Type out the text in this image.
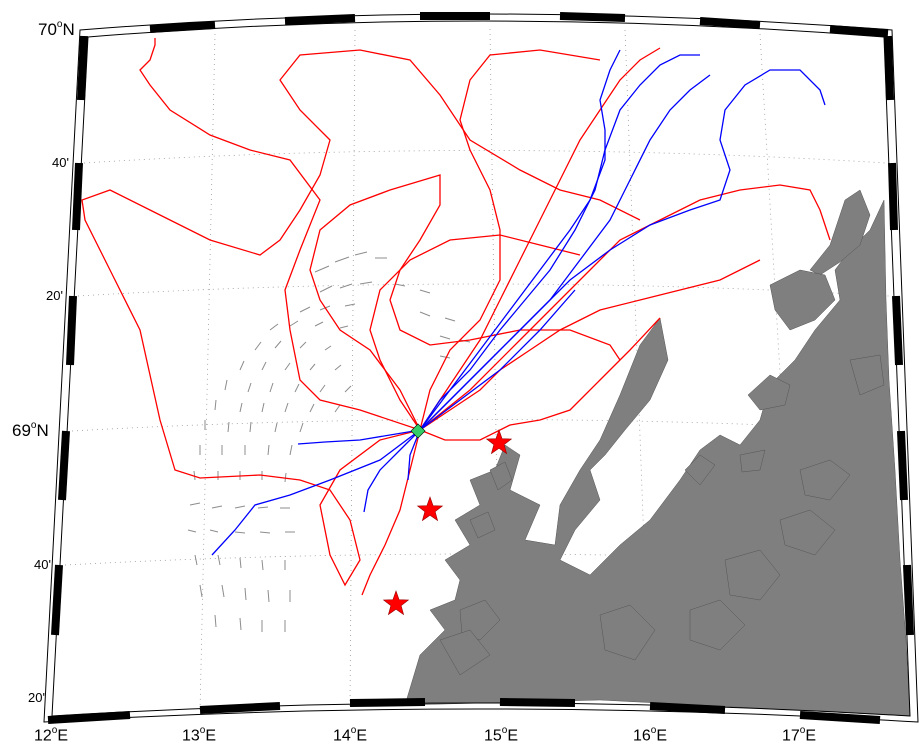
70$^o$N
40'
20'
69$^o$N
40'
20'
12$^o$E	13$^o$E	14$^o$E	15$^o$E	16$^o$E	17$^o$E
